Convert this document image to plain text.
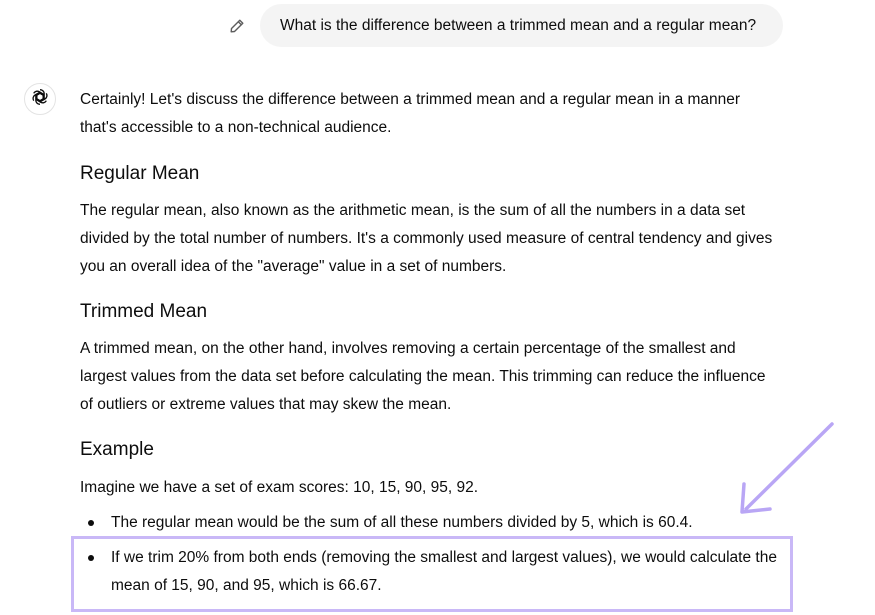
What is the difference between a trimmed mean and a regular mean?

Certainly! Let's discuss the difference between a trimmed mean and a regular mean in a manner that's accessible to a non-technical audience.

Regular Mean

The regular mean, also known as the arithmetic mean, is the sum of all the numbers in a data set divided by the total number of numbers. It's a commonly used measure of central tendency and gives you an overall idea of the "average" value in a set of numbers.

Trimmed Mean

A trimmed mean, on the other hand, involves removing a certain percentage of the smallest and largest values from the data set before calculating the mean. This trimming can reduce the influence of outliers or extreme values that may skew the mean.

Example

Imagine we have a set of exam scores: 10, 15, 90, 95, 92.

The regular mean would be the sum of all these numbers divided by 5, which is 60.4.
If we trim 20% from both ends (removing the smallest and largest values), we would calculate the mean of 15, 90, and 95, which is 66.67.
